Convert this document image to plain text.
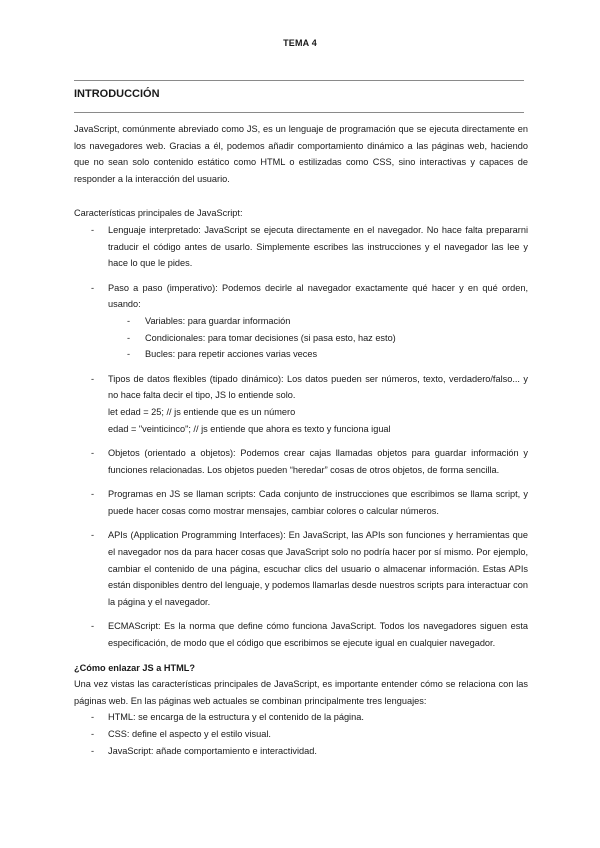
TEMA 4
INTRODUCCIÓN

JavaScript, comúnmente abreviado como JS, es un lenguaje de programación que se ejecuta directamente en los navegadores web. Gracias a él, podemos añadir comportamiento dinámico a las páginas web, haciendo que no sean solo contenido estático como HTML o estilizadas como CSS, sino interactivas y capaces de responder a la interacción del usuario.

Características principales de JavaScript:

- Lenguaje interpretado: JavaScript se ejecuta directamente en el navegador. No hace falta prepararni traducir el código antes de usarlo. Simplemente escribes las instrucciones y el navegador las lee y hace lo que le pides.
- Paso a paso (imperativo): Podemos decirle al navegador exactamente qué hacer y en qué orden, usando:
- Variables: para guardar información
- Condicionales: para tomar decisiones (si pasa esto, haz esto)
- Bucles: para repetir acciones varias veces
- Tipos de datos flexibles (tipado dinámico): Los datos pueden ser números, texto, verdadero/falso... y no hace falta decir el tipo, JS lo entiende solo.
let edad = 25; // js entiende que es un número
edad = "veinticinco"; // js entiende que ahora es texto y funciona igual
- Objetos (orientado a objetos): Podemos crear cajas llamadas objetos para guardar información y funciones relacionadas. Los objetos pueden “heredar” cosas de otros objetos, de forma sencilla.
- Programas en JS se llaman scripts: Cada conjunto de instrucciones que escribimos se llama script, y puede hacer cosas como mostrar mensajes, cambiar colores o calcular números.
- APIs (Application Programming Interfaces): En JavaScript, las APIs son funciones y herramientas que el navegador nos da para hacer cosas que JavaScript solo no podría hacer por sí mismo. Por ejemplo, cambiar el contenido de una página, escuchar clics del usuario o almacenar información. Estas APIs están disponibles dentro del lenguaje, y podemos llamarlas desde nuestros scripts para interactuar con la página y el navegador.
- ECMAScript: Es la norma que define cómo funciona JavaScript. Todos los navegadores siguen esta especificación, de modo que el código que escribimos se ejecute igual en cualquier navegador.

¿Cómo enlazar JS a HTML?

Una vez vistas las características principales de JavaScript, es importante entender cómo se relaciona con las páginas web. En las páginas web actuales se combinan principalmente tres lenguajes:

- HTML: se encarga de la estructura y el contenido de la página.
- CSS: define el aspecto y el estilo visual.
- JavaScript: añade comportamiento e interactividad.
